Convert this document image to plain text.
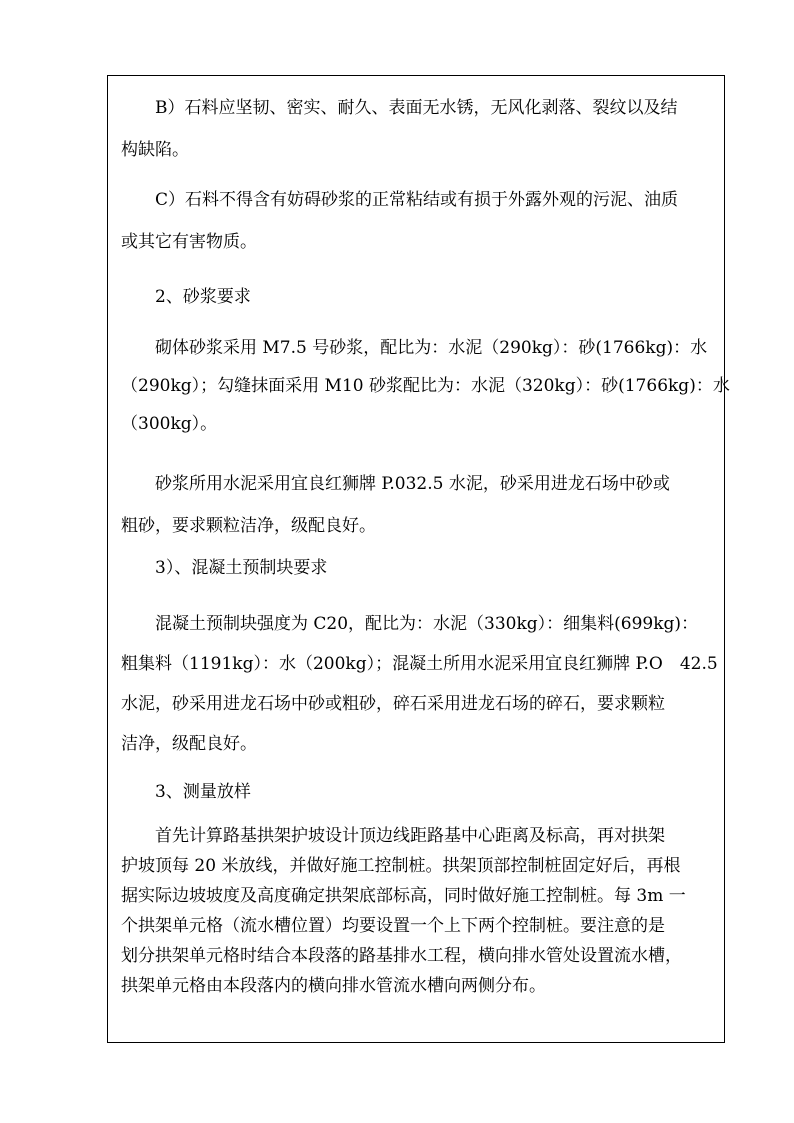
　　B）石料应坚韧、密实、耐久、表面无水锈，无风化剥落、裂纹以及结
构缺陷。
　　C）石料不得含有妨碍砂浆的正常粘结或有损于外露外观的污泥、油质
或其它有害物质。
　　2、砂浆要求
　　砌体砂浆采用 M7.5 号砂浆，配比为：水泥（290kg）：砂(1766kg)：水
（290kg）；勾缝抹面采用 M10 砂浆配比为：水泥（320kg）：砂(1766kg)：水
（300kg）。
　　砂浆所用水泥采用宜良红狮牌 P.032.5 水泥，砂采用进龙石场中砂或
粗砂，要求颗粒洁净，级配良好。
　　3）、混凝土预制块要求
　　混凝土预制块强度为 C20，配比为：水泥（330kg）：细集料(699kg)：
粗集料（1191kg）：水（200kg）；混凝土所用水泥采用宜良红狮牌 P.O　42.5
水泥，砂采用进龙石场中砂或粗砂，碎石采用进龙石场的碎石，要求颗粒
洁净，级配良好。
　　3、测量放样
　　首先计算路基拱架护坡设计顶边线距路基中心距离及标高，再对拱架
护坡顶每 20 米放线，并做好施工控制桩。拱架顶部控制桩固定好后，再根
据实际边坡坡度及高度确定拱架底部标高，同时做好施工控制桩。每 3m 一
个拱架单元格（流水槽位置）均要设置一个上下两个控制桩。要注意的是
划分拱架单元格时结合本段落的路基排水工程，横向排水管处设置流水槽，
拱架单元格由本段落内的横向排水管流水槽向两侧分布。
